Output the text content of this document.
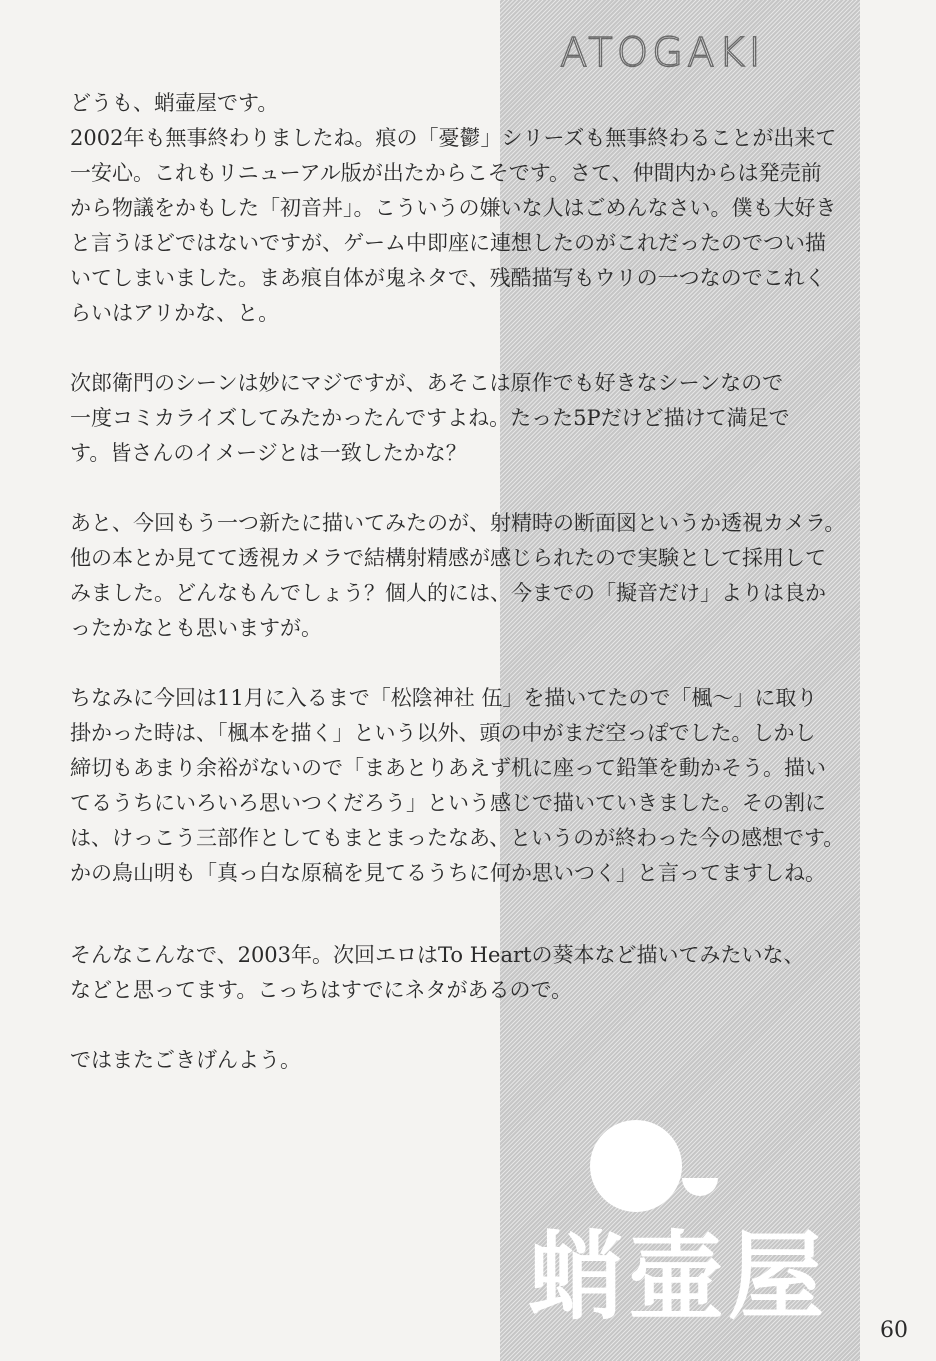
ATOGAKI
どうも、蛸壷屋です。
2002年も無事終わりましたね。痕の「憂鬱」シリーズも無事終わることが出来て
一安心。これもリニューアル版が出たからこそです。さて、仲間内からは発売前
から物議をかもした「初音丼」。こういうの嫌いな人はごめんなさい。僕も大好き
と言うほどではないですが、ゲーム中即座に連想したのがこれだったのでつい描
いてしまいました。まあ痕自体が鬼ネタで、残酷描写もウリの一つなのでこれく
らいはアリかな、と。
次郎衛門のシーンは妙にマジですが、あそこは原作でも好きなシーンなので
一度コミカライズしてみたかったんですよね。たった5Pだけど描けて満足で
す。皆さんのイメージとは一致したかな？
あと、今回もう一つ新たに描いてみたのが、射精時の断面図というか透視カメラ。
他の本とか見てて透視カメラで結構射精感が感じられたので実験として採用して
みました。どんなもんでしょう？個人的には、今までの「擬音だけ」よりは良か
ったかなとも思いますが。
ちなみに今回は11月に入るまで「松陰神社 伍」を描いてたので「楓～」に取り
掛かった時は、「楓本を描く」という以外、頭の中がまだ空っぽでした。しかし
締切もあまり余裕がないので「まあとりあえず机に座って鉛筆を動かそう。描い
てるうちにいろいろ思いつくだろう」という感じで描いていきました。その割に
は、けっこう三部作としてもまとまったなあ、というのが終わった今の感想です。
かの鳥山明も「真っ白な原稿を見てるうちに何か思いつく」と言ってますしね。
そんなこんなで、2003年。次回エロはTo Heartの葵本など描いてみたいな、
などと思ってます。こっちはすでにネタがあるので。
ではまたごきげんよう。
蛸壷屋 60
